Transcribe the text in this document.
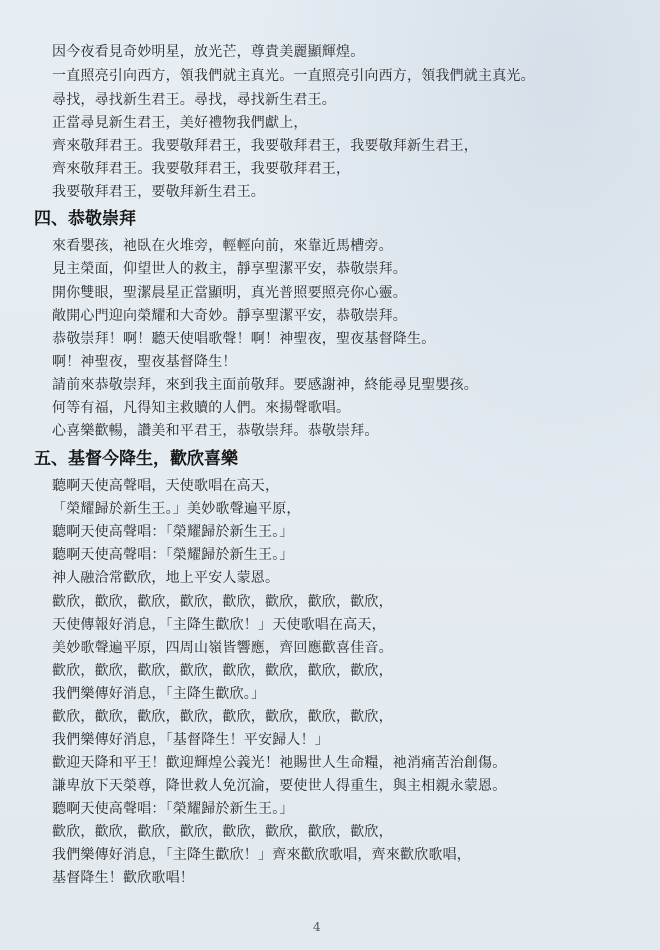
因今夜看見奇妙明星，放光芒，尊貴美麗顯輝煌。
一直照亮引向西方，領我們就主真光。一直照亮引向西方，領我們就主真光。
尋找，尋找新生君王。尋找，尋找新生君王。
正當尋見新生君王，美好禮物我們獻上，
齊來敬拜君王。我要敬拜君王，我要敬拜君王，我要敬拜新生君王，
齊來敬拜君王。我要敬拜君王，我要敬拜君王，
我要敬拜君王，要敬拜新生君王。
四、恭敬崇拜
來看嬰孩，祂臥在火堆旁，輕輕向前，來靠近馬槽旁。
見主榮面，仰望世人的救主，靜享聖潔平安，恭敬崇拜。
開你雙眼，聖潔晨星正當顯明，真光普照要照亮你心靈。
敞開心門迎向榮耀和大奇妙。靜享聖潔平安，恭敬崇拜。
恭敬崇拜！啊！聽天使唱歌聲！啊！神聖夜，聖夜基督降生。
啊！神聖夜，聖夜基督降生！
請前來恭敬崇拜，來到我主面前敬拜。要感謝神，終能尋見聖嬰孩。
何等有福，凡得知主救贖的人們。來揚聲歌唱。
心喜樂歡暢，讚美和平君王，恭敬崇拜。恭敬崇拜。
五、基督今降生，歡欣喜樂
聽啊天使高聲唱，天使歌唱在高天，
「榮耀歸於新生王。」美妙歌聲遍平原，
聽啊天使高聲唱：「榮耀歸於新生王。」
聽啊天使高聲唱：「榮耀歸於新生王。」
神人融洽常歡欣，地上平安人蒙恩。
歡欣，歡欣，歡欣，歡欣，歡欣，歡欣，歡欣，歡欣，
天使傳報好消息，「主降生歡欣！」天使歌唱在高天，
美妙歌聲遍平原，四周山嶺皆響應，齊回應歡喜佳音。
歡欣，歡欣，歡欣，歡欣，歡欣，歡欣，歡欣，歡欣，
我們樂傳好消息，「主降生歡欣。」
歡欣，歡欣，歡欣，歡欣，歡欣，歡欣，歡欣，歡欣，
我們樂傳好消息，「基督降生！平安歸人！」
歡迎天降和平王！歡迎輝煌公義光！祂賜世人生命糧，祂消痛苦治創傷。
謙卑放下天榮尊，降世救人免沉淪，要使世人得重生，與主相親永蒙恩。
聽啊天使高聲唱：「榮耀歸於新生王。」
歡欣，歡欣，歡欣，歡欣，歡欣，歡欣，歡欣，歡欣，
我們樂傳好消息，「主降生歡欣！」齊來歡欣歌唱，齊來歡欣歌唱，
基督降生！歡欣歌唱！
4
